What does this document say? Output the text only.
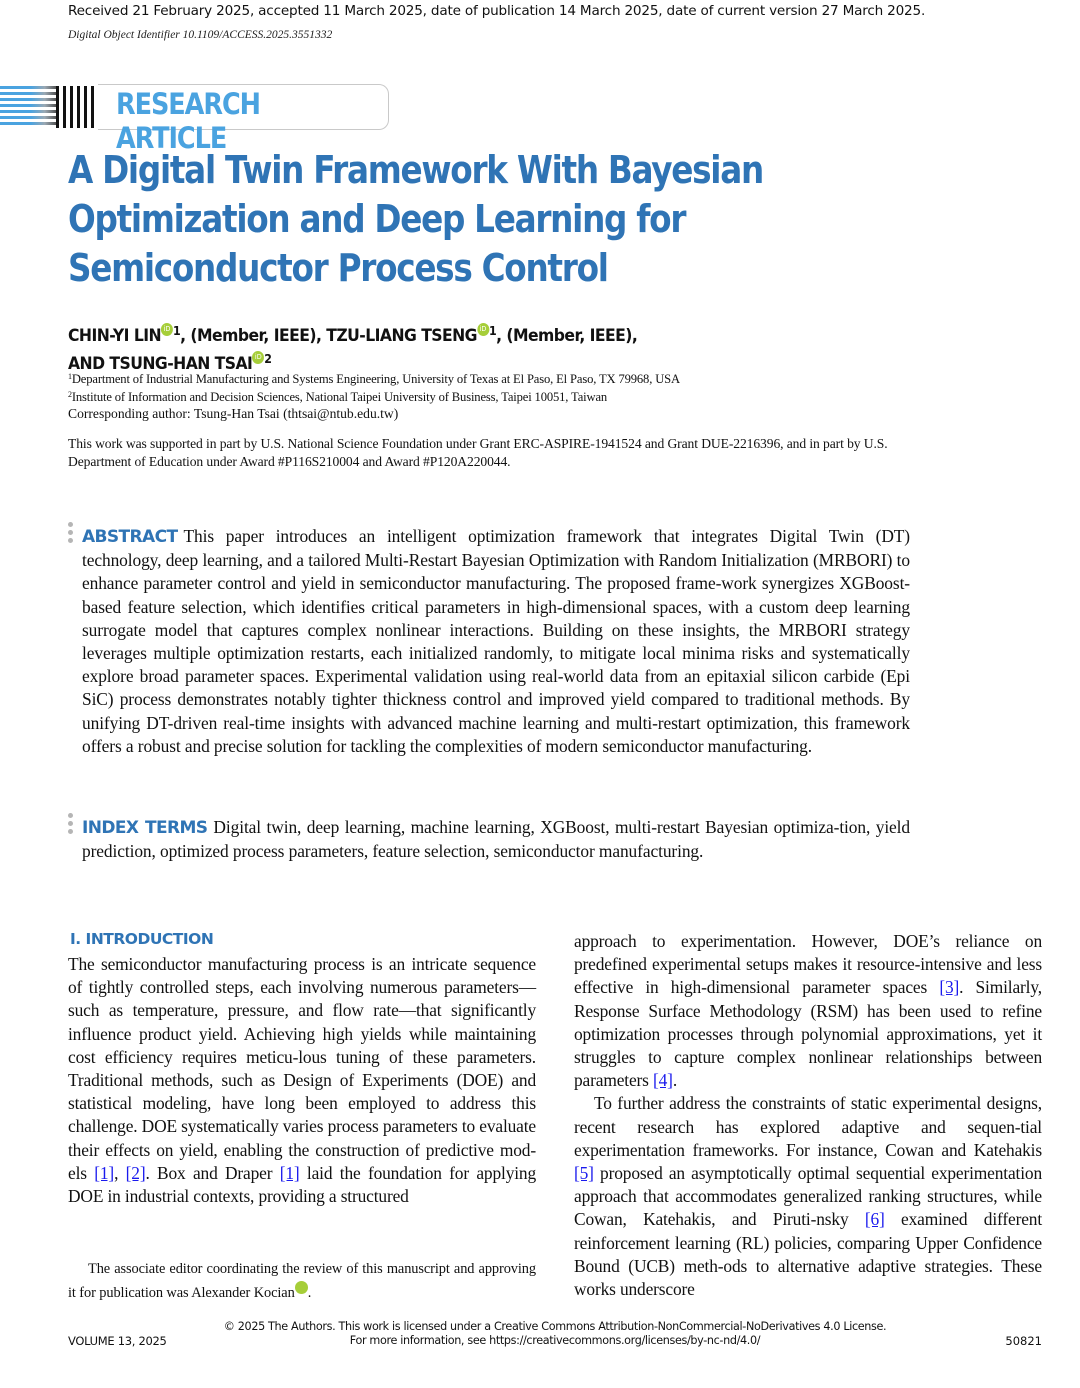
Received 21 February 2025, accepted 11 March 2025, date of publication 14 March 2025, date of current version 27 March 2025.
Digital Object Identifier 10.1109/ACCESS.2025.3551332
RESEARCH ARTICLE
A Digital Twin Framework With Bayesian
Optimization and Deep Learning for
Semiconductor Process Control
CHIN-YI LIN iD $^1$, (Member, IEEE), TZU-LIANG TSENG iD $^1$, (Member, IEEE),
AND TSUNG-HAN TSAI iD $^2$
$^1$Department of Industrial Manufacturing and Systems Engineering, University of Texas at El Paso, El Paso, TX 79968, USA
$^2$Institute of Information and Decision Sciences, National Taipei University of Business, Taipei 10051, Taiwan
Corresponding author: Tsung-Han Tsai (thtsai@ntub.edu.tw)
This work was supported in part by U.S. National Science Foundation under Grant ERC-ASPIRE-1941524 and Grant DUE-2216396, and in part by U.S. Department of Education under Award #P116S210004 and Award #P120A220044.
ABSTRACT This paper introduces an intelligent optimization framework that integrates Digital Twin (DT) technology, deep learning, and a tailored Multi-Restart Bayesian Optimization with Random Initialization (MRBORI) to enhance parameter control and yield in semiconductor manufacturing. The proposed frame-work synergizes XGBoost-based feature selection, which identifies critical parameters in high-dimensional spaces, with a custom deep learning surrogate model that captures complex nonlinear interactions. Building on these insights, the MRBORI strategy leverages multiple optimization restarts, each initialized randomly, to mitigate local minima risks and systematically explore broad parameter spaces. Experimental validation using real-world data from an epitaxial silicon carbide (Epi SiC) process demonstrates notably tighter thickness control and improved yield compared to traditional methods. By unifying DT-driven real-time insights with advanced machine learning and multi-restart optimization, this framework offers a robust and precise solution for tackling the complexities of modern semiconductor manufacturing.
INDEX TERMS Digital twin, deep learning, machine learning, XGBoost, multi-restart Bayesian optimiza-tion, yield prediction, optimized process parameters, feature selection, semiconductor manufacturing.
I. INTRODUCTION
The semiconductor manufacturing process is an intricate sequence of tightly controlled steps, each involving numerous parameters—such as temperature, pressure, and flow rate—that significantly influence product yield. Achieving high yields while maintaining cost efficiency requires meticu-lous tuning of these parameters. Traditional methods, such as Design of Experiments (DOE) and statistical modeling, have long been employed to address this challenge. DOE systematically varies process parameters to evaluate their effects on yield, enabling the construction of predictive mod-els [1], [2]. Box and Draper [1] laid the foundation for applying DOE in industrial contexts, providing a structured
approach to experimentation. However, DOE’s reliance on predefined experimental setups makes it resource-intensive and less effective in high-dimensional parameter spaces [3]. Similarly, Response Surface Methodology (RSM) has been used to refine optimization processes through polynomial approximations, yet it struggles to capture complex nonlinear relationships between parameters [4].
To further address the constraints of static experimental designs, recent research has explored adaptive and sequen-tial experimentation frameworks. For instance, Cowan and Katehakis [5] proposed an asymptotically optimal sequential experimentation approach that accommodates generalized ranking structures, while Cowan, Katehakis, and Piruti-nsky [6] examined different reinforcement learning (RL) policies, comparing Upper Confidence Bound (UCB) meth-ods to alternative adaptive strategies. These works underscore
The associate editor coordinating the review of this manuscript and approving it for publication was Alexander Kocian	iD.
VOLUME 13, 2025
© 2025 The Authors. This work is licensed under a Creative Commons Attribution-NonCommercial-NoDerivatives 4.0 License.
For more information, see https://creativecommons.org/licenses/by-nc-nd/4.0/	50821
